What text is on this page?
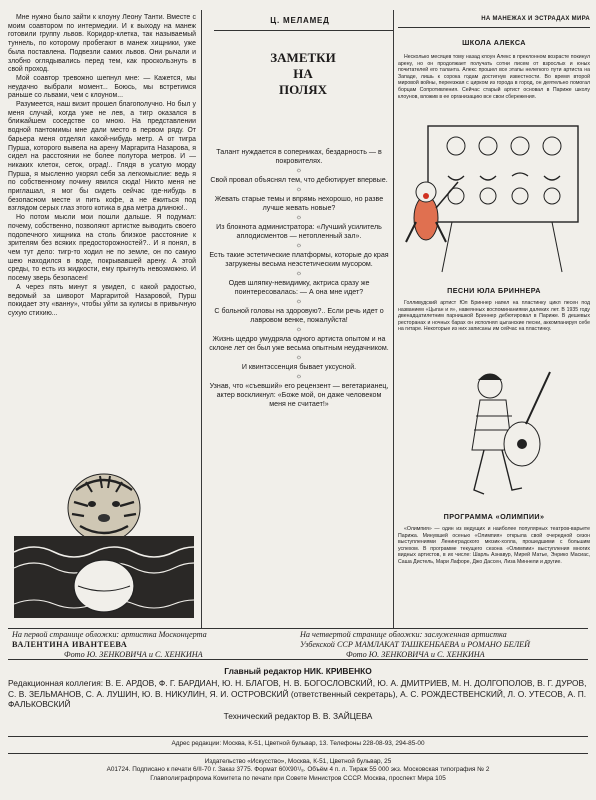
Мне нужно было зайти к клоуну Леону Танти. Вместе с моим соавтором по интермедии. И к выходу на манеж готовили группу львов. Коридор-клетка, так называемый туннель, по которому пробегают в манеж хищники, уже была поставлена. Подвезли самих львов. Они рычали и злобно оглядывались перед тем, как проскользнуть в свой проход.

Мой соавтор тревожно шепнул мне: — Кажется, мы неудачно выбрали момент... Боюсь, мы встретимся раньше со львами, чем с клоуном...

Разумеется, наш визит прошел благополучно. Но был у меня случай, когда уже не лев, а тигр оказался в ближайшем соседстве со мною. На представлении водной пантомимы мне дали место в первом ряду. От барьера меня отделял какой-нибудь метр. А от тигра Пурша, которого вывела на арену Маргарита Назарова, я сидел на расстоянии не более полутора метров. И — никаких клеток, сеток, оград!.. Глядя в усатую морду Пурша, я мысленно укорял себя за легкомыслие: ведь я по собственному почину явился сюда! Никто меня не приглашал, я мог бы сидеть сейчас где-нибудь в безопасном месте и пить кофе, а не ёжиться под взглядом серых глаз этого котика в два метра длиною!..

Но потом мысли мои пошли дальше. Я подумал: почему, собственно, позволяют артистке выводить своего подопечного хищника на столь близкое расстояние к зрителям без всяких предосторожностей?.. И я понял, в чем тут дело: тигр-то ходил не по земле, он по самую шею находился в воде, покрывавшей арену. А этой среды, то есть из жидкости, ему прыгнуть невозможно. И посему зверь безопасен!

А через пять минут я увидел, с какой радостью, ведомый за шиворот Маргаритой Назаровой, Пурш покидает эту «ванну», чтобы уйти за кулисы в привычную сухую стихию...

Ц. МЕЛАМЕД
ЗАМЕТКИ
НА
ПОЛЯХ

Талант нуждается в соперниках, бездарность — в покровителях.

☼

Свой провал объяснял тем, что дебютирует впервые.

☼

Жевать старые темы и впрямь нехорошо, но разве лучше жевать новые?

☼

Из блокнота администратора: «Лучший усилитель аплодисментов — нетопленный зал».

☼

Есть такие эстетические платформы, которые до края загружены весьма неэстетическим мусором.

☼

Одев шляпку-невидимку, актриса сразу же поинтересовалась: — А она мне идет?

☼

С больной головы на здоровую?.. Если речь идет о лавровом венке, пожалуйста!

☼

Жизнь щедро умудряла одного артиста опытом и на склоне лет он был уже весьма опытным неудачником.

☼

И квинтэссенция бывает уксусной.

☼

Узнав, что «съевший» его рецензент — вегетарианец, актер воскликнул: «Боже мой, он даже человеком меня не считает!»

НА МАНЕЖАХ И ЭСТРАДАХ МИРА
ШКОЛА АЛЕКСА

Несколько месяцев тому назад клоун Алекс в преклонном возрасте покинул арену, но он продолжает получать сотни писем от взрослых и юных почитателей его таланта. Алекс прошел все этапы нелегкого пути артиста на Западе, лишь к сорока годам достигнув известности. Во время второй мировой войны, переезжая с цирком из города в город, он деятельно помогал борцам Сопротивления. Сейчас старый артист основал в Париже школу клоунов, вложив в ее организацию все свои сбережения.

ПЕСНИ ЮЛА БРИННЕРА

Голливудский артист Юл Бриннер напел на пластинку цикл песен под названием «Цыган и я», навеянных воспоминаниями далеких лет. В 1935 году двенадцатилетним парнишкой Бриннер дебютировал в Париже. В дешевых ресторанах и ночных барах он исполнял цыганские песни, аккомпанируя себе на гитаре. Некоторые из них записаны им сейчас на пластинку.

ПРОГРАММА «ОЛИМПИИ»

«Олимпия» — один из ведущих и наиболее популярных театров-варьете Парижа. Минувшей осенью «Олимпия» открыла свой очередной сезон выступлениями Ленинградского мюзик-холла, прошедшими с большим успехом. В программе текущего сезона «Олимпии» выступления многих видных артистов, в их числе: Шарль Азнавур, Мирей Матье, Энрико Масиас, Саша Дистель, Мари Лафоре, Джо Дассен, Лиза Миннели и другие.

На первой странице обложки: артистка Москонцерта
ВАЛЕНТИНА ИВАНТЕЕВА
Фото Ю. ЗЕНКОВИЧА и С. ХЕНКИНА
На четвертой странице обложки: заслуженная артистка
Узбекской ССР МАМЛАКАТ ТАШКЕНБАЕВА и РОМАНО БЕЛЕЙ
Фото Ю. ЗЕНКОВИЧА и С. ХЕНКИНА

Главный редактор НИК. КРИВЕНКО

Редакционная коллегия: В. Е. АРДОВ, Ф. Г. БАРДИАН, Ю. Н. БЛАГОВ, Н. В. БОГОСЛОВСКИЙ, Ю. А. ДМИТРИЕВ, М. Н. ДОЛГОПОЛОВ, В. Г. ДУРОВ, С. В. ЗЕЛЬМАНОВ, С. А. ЛУШИН, Ю. В. НИКУЛИН, Я. И. ОСТРОВСКИЙ (ответственный секретарь), А. С. РОЖДЕСТВЕНСКИЙ, Л. О. УТЕСОВ, А. П. ФАЛЬКОВСКИЙ

Технический редактор В. В. ЗАЙЦЕВА

Адрес редакции: Москва, К-51, Цветной бульвар, 13. Телефоны 228-08-93, 294-85-00
Издательство «Искусство», Москва, К-51, Цветной бульвар, 25
А01724. Подписано к печати 6/II-70 г. Заказ 3775. Формат 60Х90¹/₈. Объём 4 п. л. Тираж 55 000 экз. Московская типография № 2
Главполиграфпрома Комитета по печати при Совете Министров СССР. Москва, проспект Мира 105
